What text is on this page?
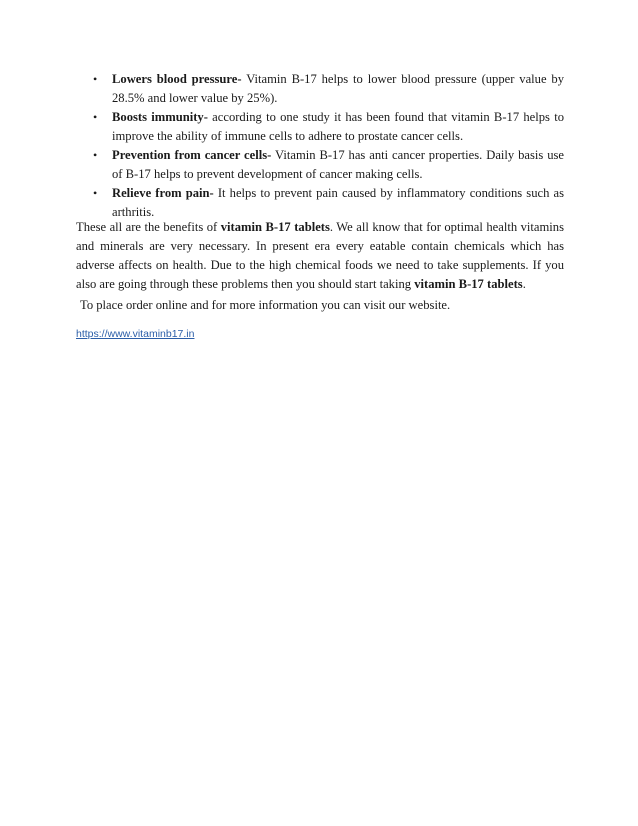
• Lowers blood pressure- Vitamin B-17 helps to lower blood pressure (upper value by 28.5% and lower value by 25%).
• Boosts immunity- according to one study it has been found that vitamin B-17 helps to improve the ability of immune cells to adhere to prostate cancer cells.
• Prevention from cancer cells- Vitamin B-17 has anti cancer properties. Daily basis use of B-17 helps to prevent development of cancer making cells.
• Relieve from pain- It helps to prevent pain caused by inflammatory conditions such as arthritis.

These all are the benefits of vitamin B-17 tablets. We all know that for optimal health vitamins and minerals are very necessary. In present era every eatable contain chemicals which has adverse affects on health. Due to the high chemical foods we need to take supplements. If you also are going through these problems then you should start taking vitamin B-17 tablets.

To place order online and for more information you can visit our website.

https://www.vitaminb17.in
